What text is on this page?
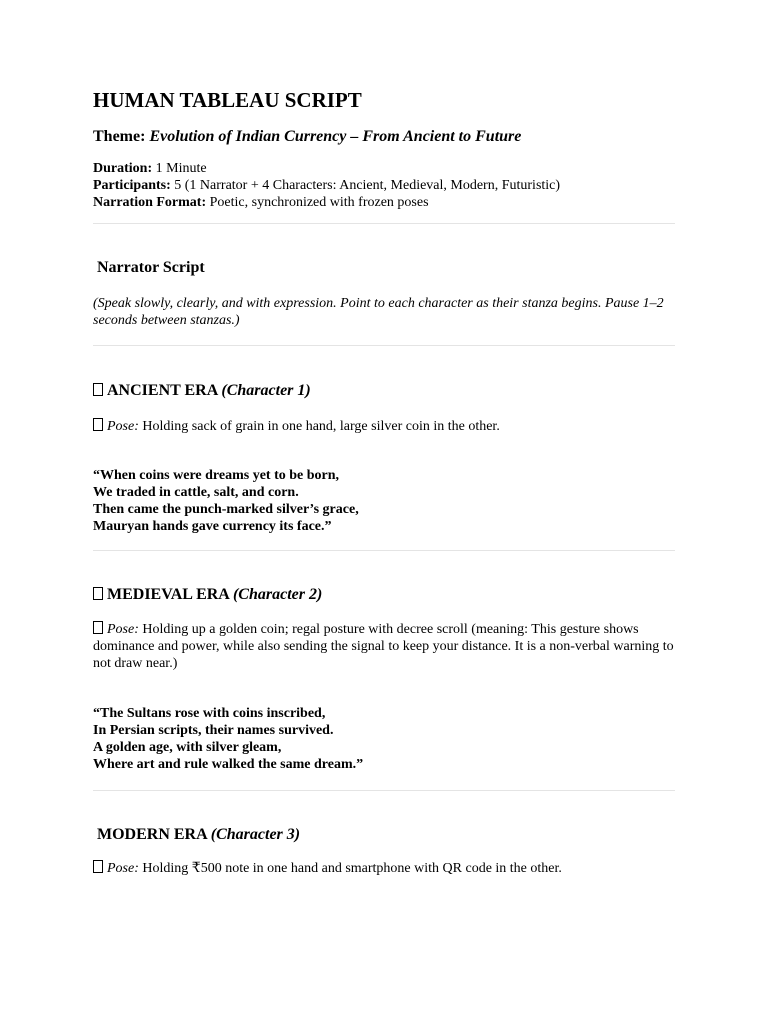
HUMAN TABLEAU SCRIPT
Theme: Evolution of Indian Currency – From Ancient to Future
Duration: 1 Minute
Participants: 5 (1 Narrator + 4 Characters: Ancient, Medieval, Modern, Futuristic)
Narration Format: Poetic, synchronized with frozen poses
Narrator Script
(Speak slowly, clearly, and with expression. Point to each character as their stanza begins. Pause 1–2 seconds between stanzas.)
ANCIENT ERA (Character 1)
Pose: Holding sack of grain in one hand, large silver coin in the other.
“When coins were dreams yet to be born,
We traded in cattle, salt, and corn.
Then came the punch-marked silver’s grace,
Mauryan hands gave currency its face.”
MEDIEVAL ERA (Character 2)
Pose: Holding up a golden coin; regal posture with decree scroll (meaning: This gesture shows dominance and power, while also sending the signal to keep your distance. It is a non-verbal warning to not draw near.)
“The Sultans rose with coins inscribed,
In Persian scripts, their names survived.
A golden age, with silver gleam,
Where art and rule walked the same dream.”
MODERN ERA (Character 3)
Pose: Holding ₹500 note in one hand and smartphone with QR code in the other.
